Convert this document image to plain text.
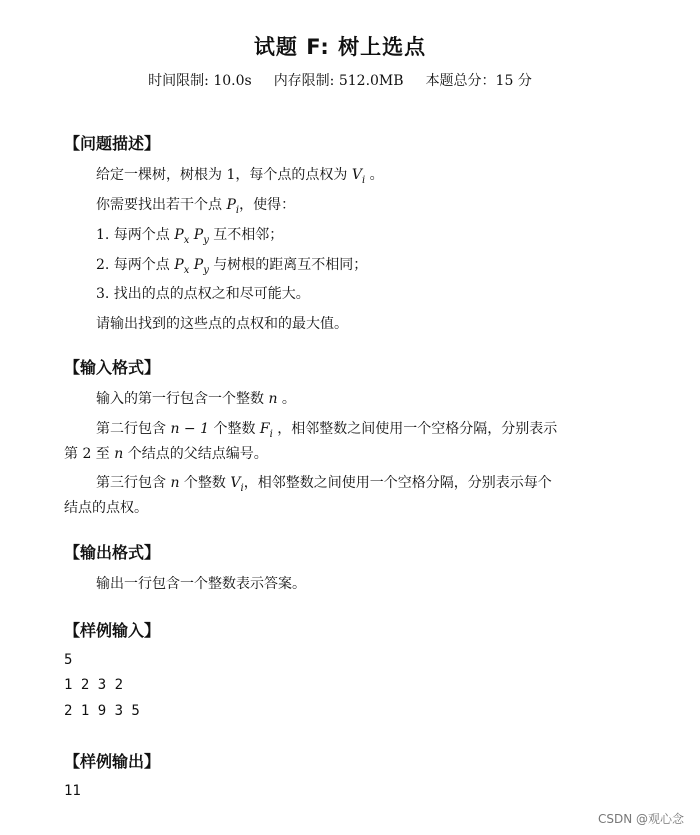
试题 F: 树上选点
时间限制: 10.0s 内存限制: 512.0MB 本题总分：15 分
【问题描述】
给定一棵树，树根为 1，每个点的点权为 $V_i$ 。
你需要找出若干个点 $P_i$，使得：
1. 每两个点 $P_x$ $P_y$ 互不相邻；
2. 每两个点 $P_x$ $P_y$ 与树根的距离互不相同；
3. 找出的点的点权之和尽可能大。
请输出找到的这些点的点权和的最大值。
【输入格式】
输入的第一行包含一个整数 n 。
第二行包含 n − 1 个整数 $F_i$ ，相邻整数之间使用一个空格分隔，分别表示
第 2 至 n 个结点的父结点编号。
第三行包含 n 个整数 $V_i$，相邻整数之间使用一个空格分隔，分别表示每个
结点的点权。
【输出格式】
输出一行包含一个整数表示答案。
【样例输入】
5
1 2 3 2
2 1 9 3 5
【样例输出】
11
CSDN @观心念
